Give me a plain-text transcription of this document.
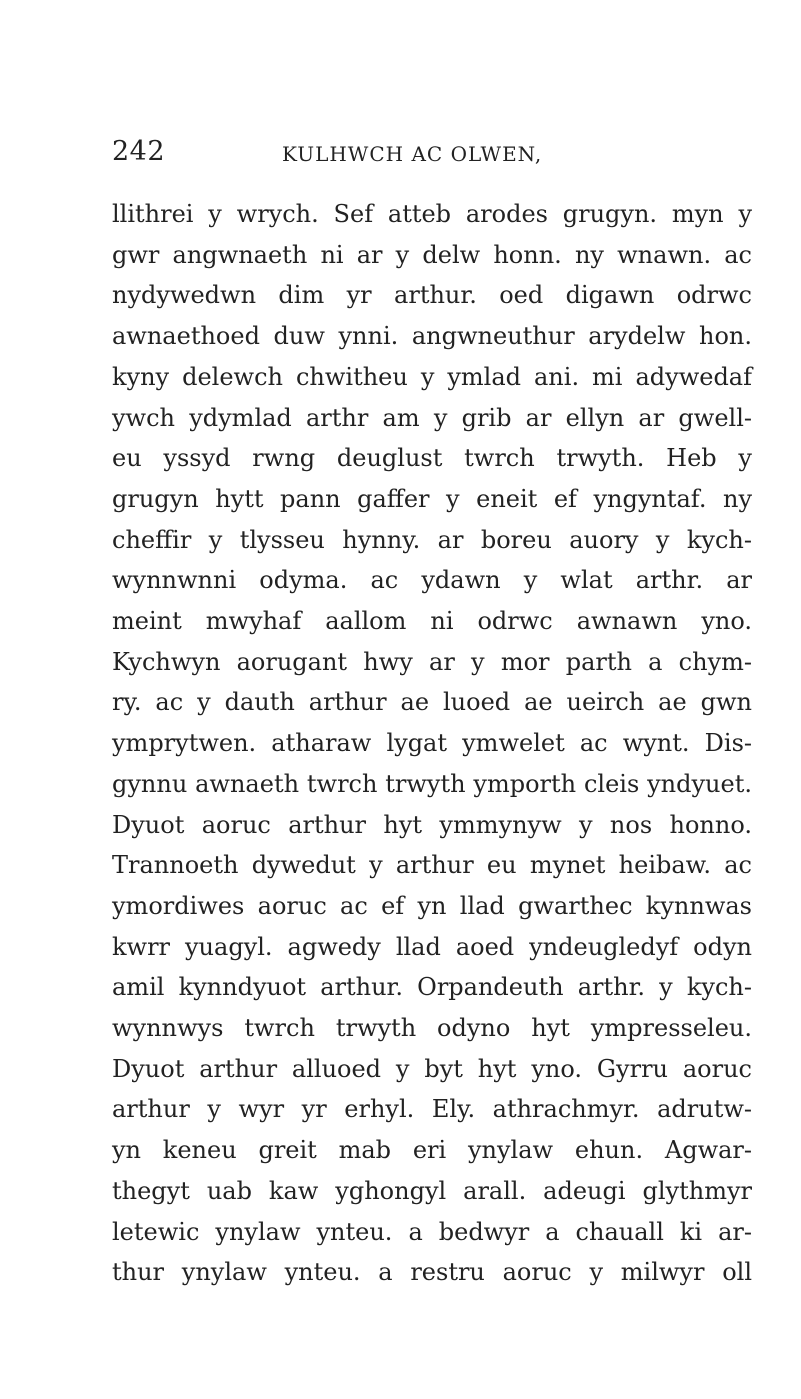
242	KULHWCH AC OLWEN,
llithrei y wrych. Sef atteb arodes grugyn. myn y
gwr angwnaeth ni ar y delw honn. ny wnawn. ac
nydywedwn dim yr arthur. oed digawn odrwc
awnaethoed duw ynni. angwneuthur arydelw hon.
kyny delewch chwitheu y ymlad ani. mi adywedaf
ywch ydymlad arthr am y grib ar ellyn ar gwell-
eu yssyd rwng deuglust twrch trwyth. Heb y
grugyn hytt pann gaffer y eneit ef yngyntaf. ny
cheffir y tlysseu hynny. ar boreu auory y kych-
wynnwnni odyma. ac ydawn y wlat arthr. ar
meint mwyhaf aallom ni odrwc awnawn yno.
Kychwyn aorugant hwy ar y mor parth a chym-
ry. ac y dauth arthur ae luoed ae ueirch ae gwn
ymprytwen. atharaw lygat ymwelet ac wynt. Dis-
gynnu awnaeth twrch trwyth ymporth cleis yndyuet.
Dyuot aoruc arthur hyt ymmynyw y nos honno.
Trannoeth dywedut y arthur eu mynet heibaw. ac
ymordiwes aoruc ac ef yn llad gwarthec kynnwas
kwrr yuagyl. agwedy llad aoed yndeugledyf odyn
amil kynndyuot arthur. Orpandeuth arthr. y kych-
wynnwys twrch trwyth odyno hyt ympresseleu.
Dyuot arthur alluoed y byt hyt yno. Gyrru aoruc
arthur y wyr yr erhyl. Ely. athrachmyr. adrutw-
yn keneu greit mab eri ynylaw ehun. Agwar-
thegyt uab kaw yghongyl arall. adeugi glythmyr
letewic ynylaw ynteu. a bedwyr a chauall ki ar-
thur ynylaw ynteu. a restru aoruc y milwyr oll
